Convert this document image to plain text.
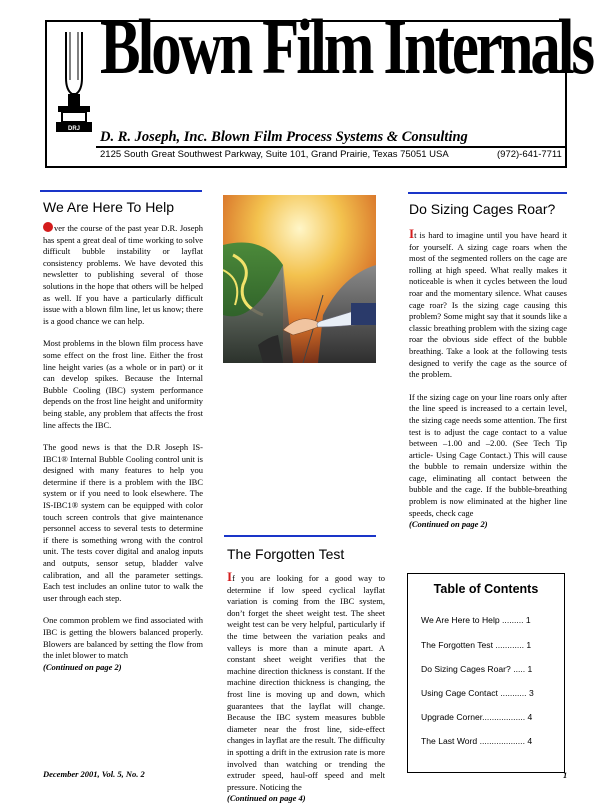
DRJ
Blown Film Internals
D. R. Joseph, Inc. Blown Film Process Systems & Consulting
2125 South Great Southwest Parkway, Suite 101, Grand Prairie, Texas 75051 USA	(972)-641-7711
We Are Here To Help

ver the course of the past year D.R. Joseph has spent a great deal of time working to solve difficult bubble instability or layflat consistency problems. We have devoted this newsletter to publishing several of those solutions in the hope that others will be helped as well. If you have a particularly difficult issue with a blown film line, let us know; there is a good chance we can help.

Most problems in the blown film process have some effect on the frost line. Either the frost line height varies (as a whole or in part) or it can develop spikes. Because the Internal Bubble Cooling (IBC) system performance depends on the frost line height and uniformity being stable, any problem that affects the frost line affects the IBC.

The good news is that the D.R Joseph IS-IBC1® Internal Bubble Cooling control unit is designed with many features to help you determine if there is a problem with the IBC system or if you need to look elsewhere. The IS-IBC1® system can be equipped with color touch screen controls that give maintenance personnel access to several tests to determine if there is something wrong with the control unit. The tests cover digital and analog inputs and outputs, sensor setup, bladder valve calibration, and all the parameter settings. Each test includes an online tutor to walk the user through each step.

One common problem we find associated with IBC is getting the blowers balanced properly. Blowers are balanced by setting the flow from the inlet blower to match

(Continued on page 2)
The Forgotten Test

If you are looking for a good way to determine if low speed cyclical layflat variation is coming from the IBC system, don’t forget the sheet weight test. The sheet weight test can be very helpful, particularly if the time between the variation peaks and valleys is more than a minute apart. A constant sheet weight verifies that the machine direction thickness is constant. If the machine direction thickness is changing, the frost line is moving up and down, which guarantees that the layflat will change. Because the IBC system measures bubble diameter near the frost line, side-effect changes in layflat are the result. The difficulty in spotting a drift in the extrusion rate is more involved than watching or trending the extruder speed, haul-off speed and melt pressure. Noticing the

(Continued on page 4)
Do Sizing Cages Roar?

It is hard to imagine until you have heard it for yourself. A sizing cage roars when the most of the segmented rollers on the cage are rolling at high speed. What really makes it noticeable is when it cycles between the loud roar and the momentary silence. What causes cage roar? Is the sizing cage causing this problem? Some might say that it sounds like a classic breathing problem with the sizing cage roar the obvious side effect of the bubble breathing. Take a look at the following tests designed to verify the cage as the source of the problem.

If the sizing cage on your line roars only after the line speed is increased to a certain level, the sizing cage needs some attention. The first test is to adjust the cage contact to a value between –1.00 and –2.00. (See Tech Tip article- Using Cage Contact.) This will cause the bubble to remain undersize within the cage, eliminating all contact between the bubble and the cage. If the bubble-breathing problem is now eliminated at the higher line speeds, check cage

(Continued on page 2)
Table of Contents
We Are Here to Help ......... 1
The Forgotten Test ............ 1
Do Sizing Cages Roar? ..... 1
Using Cage Contact ........... 3
Upgrade Corner.................. 4
The Last Word ................... 4
December 2001, Vol. 5, No. 2	1
